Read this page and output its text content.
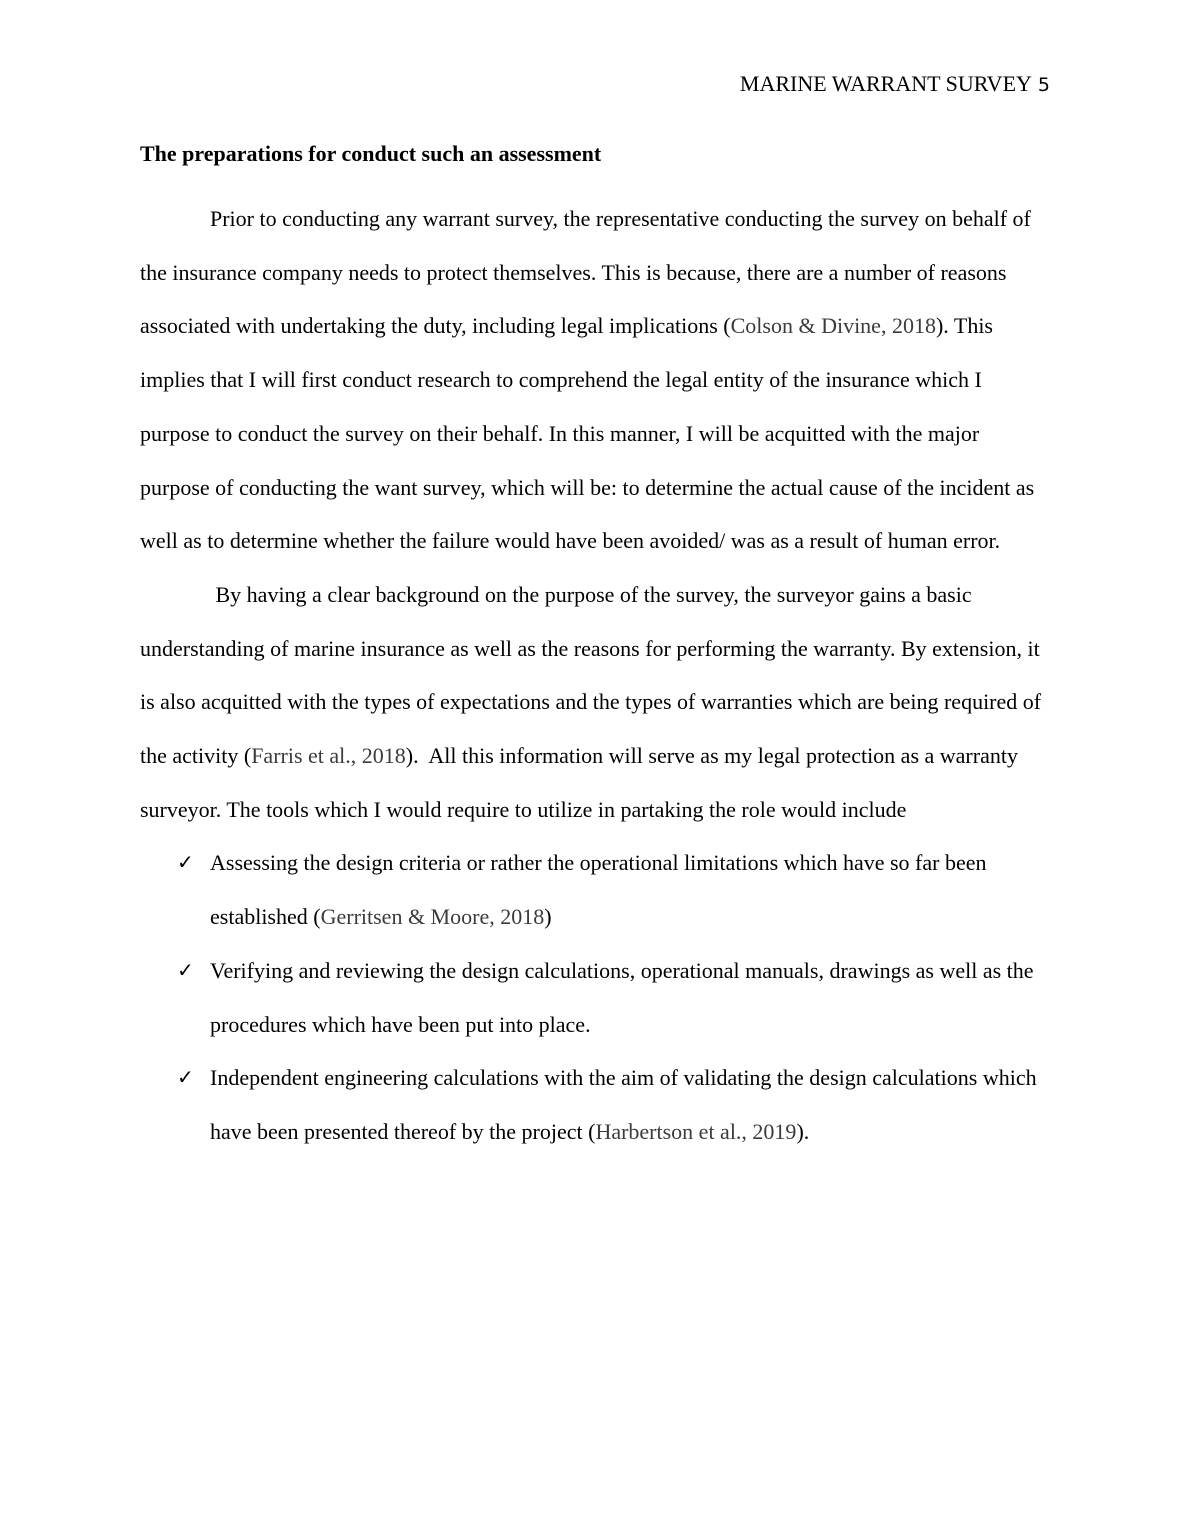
MARINE WARRANT SURVEY 5
The preparations for conduct such an assessment

Prior to conducting any warrant survey, the representative conducting the survey on behalf of the insurance company needs to protect themselves. This is because, there are a number of reasons associated with undertaking the duty, including legal implications (Colson & Divine, 2018). This implies that I will first conduct research to comprehend the legal entity of the insurance which I purpose to conduct the survey on their behalf. In this manner, I will be acquitted with the major purpose of conducting the want survey, which will be: to determine the actual cause of the incident as well as to determine whether the failure would have been avoided/ was as a result of human error.

By having a clear background on the purpose of the survey, the surveyor gains a basic understanding of marine insurance as well as the reasons for performing the warranty. By extension, it is also acquitted with the types of expectations and the types of warranties which are being required of the activity (Farris et al., 2018).  All this information will serve as my legal protection as a warranty surveyor. The tools which I would require to utilize in partaking the role would include

✓ Assessing the design criteria or rather the operational limitations which have so far been established (Gerritsen & Moore, 2018)
✓ Verifying and reviewing the design calculations, operational manuals, drawings as well as the procedures which have been put into place.
✓ Independent engineering calculations with the aim of validating the design calculations which have been presented thereof by the project (Harbertson et al., 2019).
